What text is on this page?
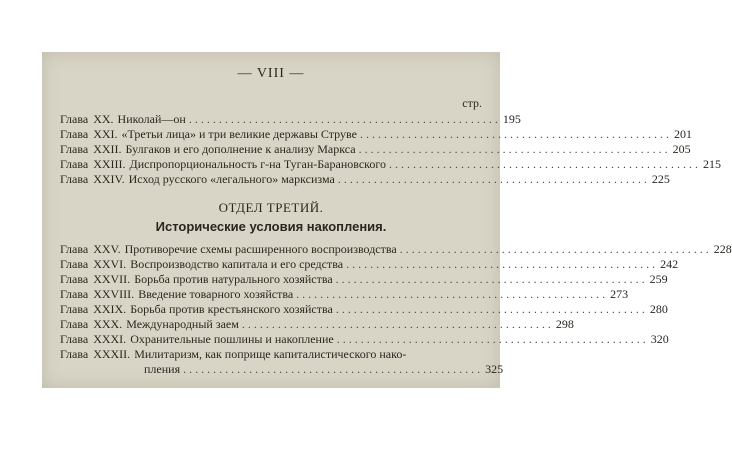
— VIII —
стр.
Глава XX. Николай—он . . .	195
Глава XXI. «Третьи лица» и три великие державы Струве . . .	201
Глава XXII. Булгаков и его дополнение к анализу Маркса . . .	205
Глава XXIII. Диспропорциональность г-на Туган-Барановского . . .	215
Глава XXIV. Исход русского «легального» марксизма . . .	225
ОТДЕЛ ТРЕТИЙ.
Исторические условия накопления.
Глава XXV. Противоречие схемы расширенного воспроизводства . . .	228
Глава XXVI. Воспроизводство капитала и его средства . . .	242
Глава XXVII. Борьба против натурального хозяйства . . .	259
Глава XXVIII. Введение товарного хозяйства . . .	273
Глава XXIX. Борьба против крестьянского хозяйства . . .	280
Глава XXX. Международный заем . . .	298
Глава XXXI. Охранительные пошлины и накопление . . .	320
Глава XXXII. Милитаризм, как поприще капиталистического нако-
пления . . .	325
